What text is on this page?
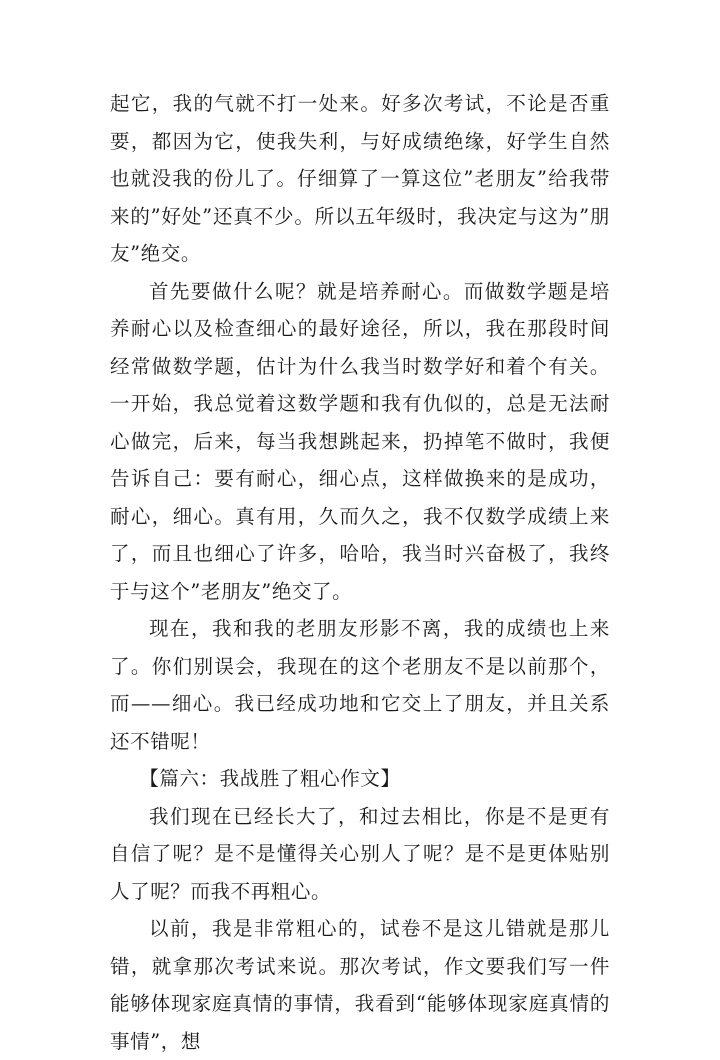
起它，我的气就不打一处来。好多次考试，不论是否重要，都因为它，使我失利，与好成绩绝缘，好学生自然也就没我的份儿了。仔细算了一算这位”老朋友”给我带来的”好处”还真不少。所以五年级时，我决定与这为”朋友”绝交。

首先要做什么呢？就是培养耐心。而做数学题是培养耐心以及检查细心的最好途径，所以，我在那段时间经常做数学题，估计为什么我当时数学好和着个有关。一开始，我总觉着这数学题和我有仇似的，总是无法耐心做完，后来，每当我想跳起来，扔掉笔不做时，我便告诉自己：要有耐心，细心点，这样做换来的是成功，耐心，细心。真有用，久而久之，我不仅数学成绩上来了，而且也细心了许多，哈哈，我当时兴奋极了，我终于与这个”老朋友”绝交了。

现在，我和我的老朋友形影不离，我的成绩也上来了。你们别误会，我现在的这个老朋友不是以前那个，而——细心。我已经成功地和它交上了朋友，并且关系还不错呢！

【篇六：我战胜了粗心作文】

我们现在已经长大了，和过去相比，你是不是更有自信了呢？是不是懂得关心别人了呢？是不是更体贴别人了呢？而我不再粗心。

以前，我是非常粗心的，试卷不是这儿错就是那儿错，就拿那次考试来说。那次考试，作文要我们写一件能够体现家庭真情的事情，我看到“能够体现家庭真情的事情”，想
